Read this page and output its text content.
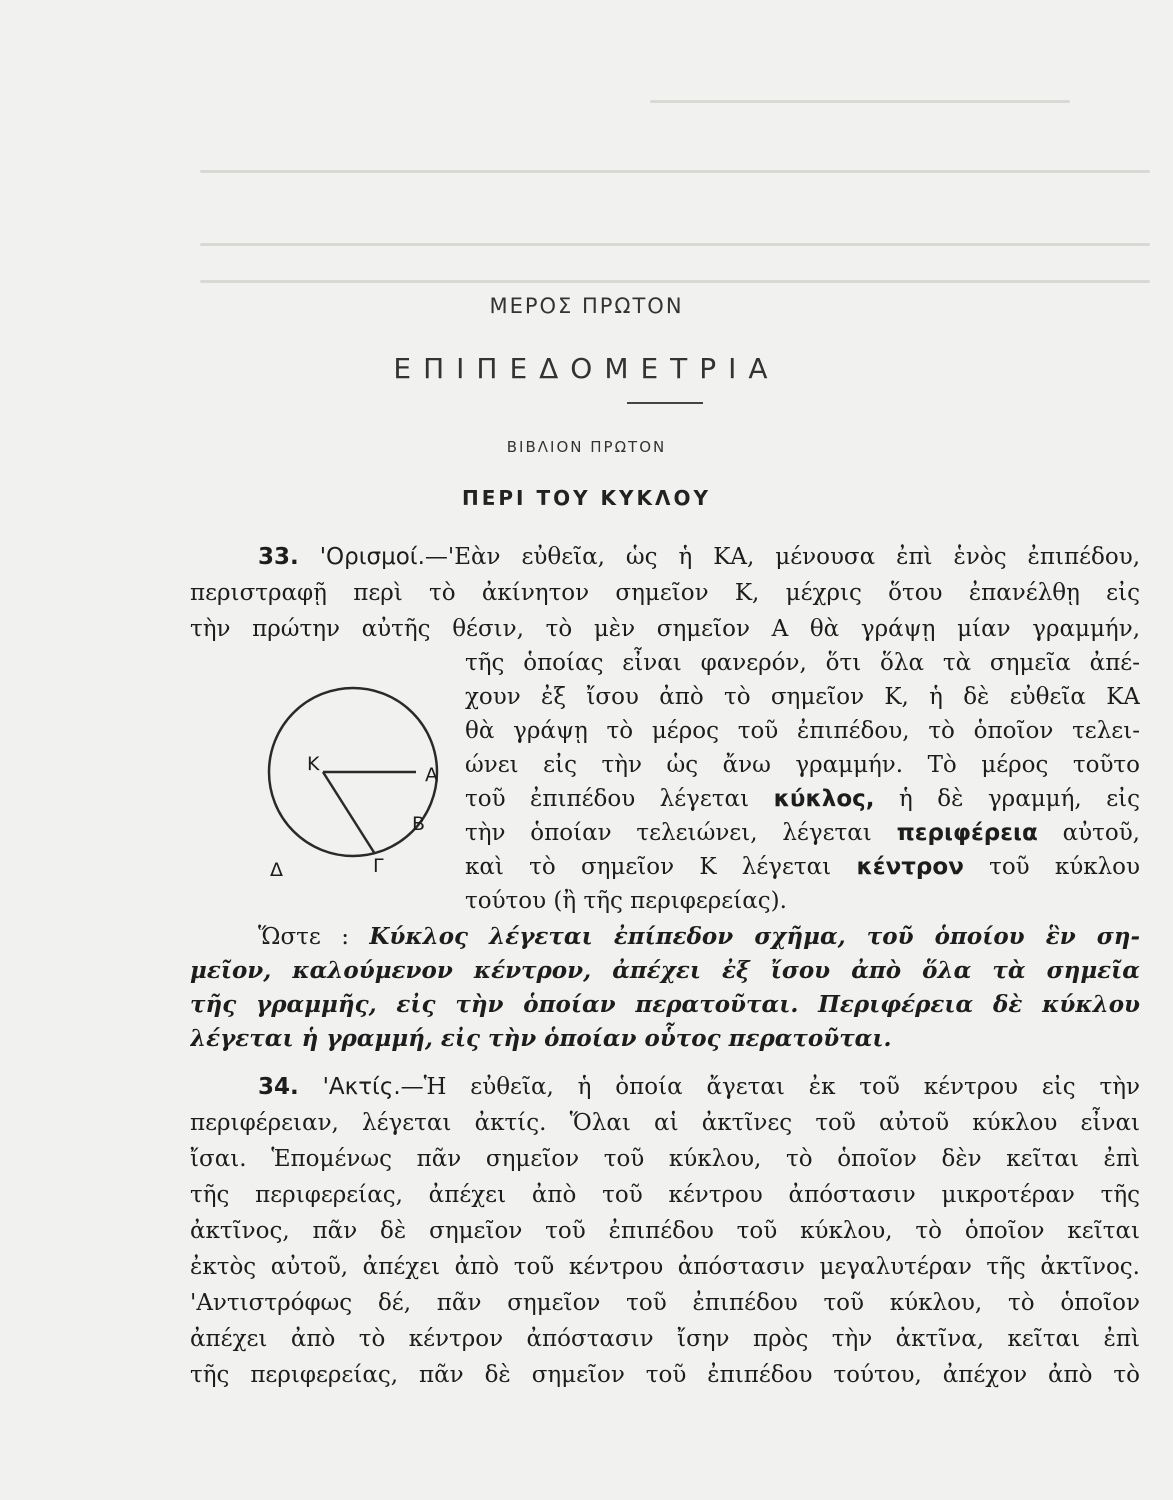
ΜΕΡΟΣ ΠΡΩΤΟΝ
ΕΠΙΠΕΔΟΜΕΤΡΙΑ
ΒΙΒΛΙΟΝ ΠΡΩΤΟΝ
ΠΕΡΙ ΤΟΥ ΚΥΚΛΟΥ
33. 'Ορισμοί.—'Εὰν εὐθεῖα, ὡς ἡ ΚΑ, μένουσα ἐπὶ ἑνὸς ἐπιπέδου,
περιστραφῇ περὶ τὸ ἀκίνητον σημεῖον Κ, μέχρις ὅτου ἐπανέλθῃ εἰς
τὴν πρώτην αὐτῆς θέσιν, τὸ μὲν σημεῖον Α θὰ γράψῃ μίαν γραμμήν,
τῆς ὁποίας εἶναι φανερόν, ὅτι ὅλα τὰ σημεῖα ἀπέ-
χουν ἐξ ἴσου ἀπὸ τὸ σημεῖον Κ, ἡ δὲ εὐθεῖα ΚΑ
θὰ γράψῃ τὸ μέρος τοῦ ἐπιπέδου, τὸ ὁποῖον τελει-
ώνει εἰς τὴν ὡς ἄνω γραμμήν. Τὸ μέρος τοῦτο
τοῦ ἐπιπέδου λέγεται κύκλος, ἡ δὲ γραμμή, εἰς
τὴν ὁποίαν τελειώνει, λέγεται περιφέρεια αὐτοῦ,
καὶ τὸ σημεῖον Κ λέγεται κέντρον τοῦ κύκλου
τούτου (ἢ τῆς περιφερείας).
Κ	Α
Β
Γ
Δ
Ὥστε : Κύκλος λέγεται ἐπίπεδον σχῆμα, τοῦ ὁποίου ἓν ση-
μεῖον, καλούμενον κέντρον, ἀπέχει ἐξ ἴσου ἀπὸ ὅλα τὰ σημεῖα
τῆς γραμμῆς, εἰς τὴν ὁποίαν περατοῦται. Περιφέρεια δὲ κύκλου
λέγεται ἡ γραμμή, εἰς τὴν ὁποίαν οὗτος περατοῦται.
34. 'Ακτίς.—Ἡ εὐθεῖα, ἡ ὁποία ἄγεται ἐκ τοῦ κέντρου εἰς τὴν
περιφέρειαν, λέγεται ἀκτίς. Ὅλαι αἱ ἀκτῖνες τοῦ αὐτοῦ κύκλου εἶναι
ἴσαι. Ἑπομένως πᾶν σημεῖον τοῦ κύκλου, τὸ ὁποῖον δὲν κεῖται ἐπὶ
τῆς περιφερείας, ἀπέχει ἀπὸ τοῦ κέντρου ἀπόστασιν μικροτέραν τῆς
ἀκτῖνος, πᾶν δὲ σημεῖον τοῦ ἐπιπέδου τοῦ κύκλου, τὸ ὁποῖον κεῖται
ἐκτὸς αὐτοῦ, ἀπέχει ἀπὸ τοῦ κέντρου ἀπόστασιν μεγαλυτέραν τῆς ἀκτῖνος.
'Αντιστρόφως δέ, πᾶν σημεῖον τοῦ ἐπιπέδου τοῦ κύκλου, τὸ ὁποῖον
ἀπέχει ἀπὸ τὸ κέντρον ἀπόστασιν ἴσην πρὸς τὴν ἀκτῖνα, κεῖται ἐπὶ
τῆς περιφερείας, πᾶν δὲ σημεῖον τοῦ ἐπιπέδου τούτου, ἀπέχον ἀπὸ τὸ
